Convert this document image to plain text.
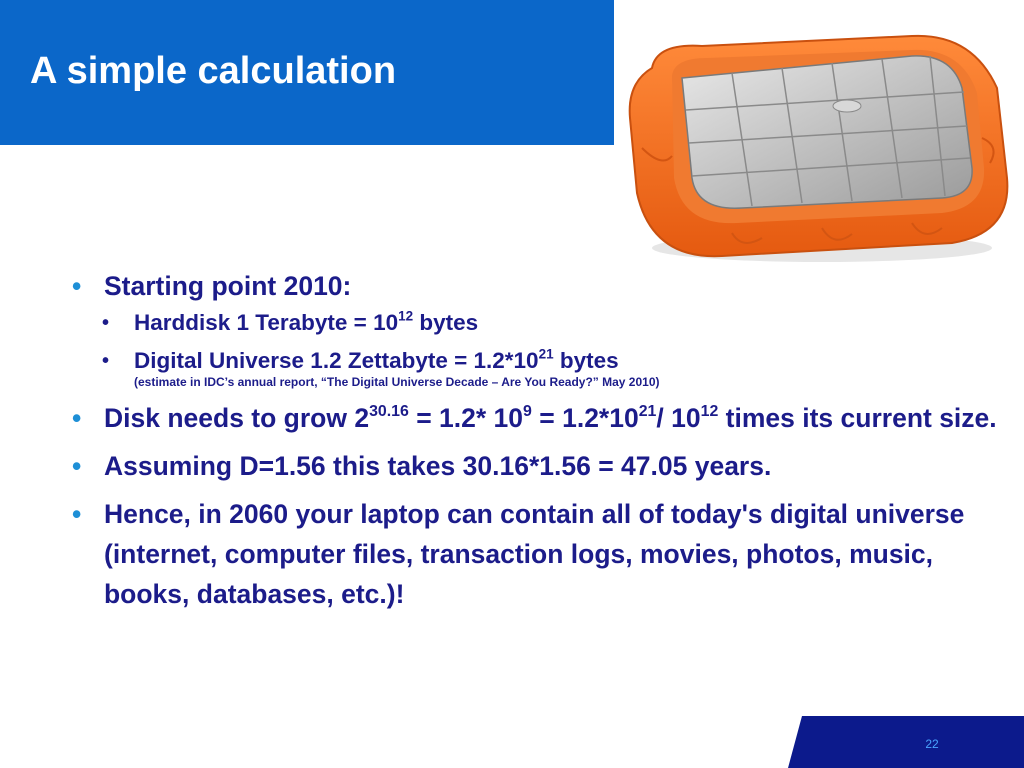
A simple calculation
• Starting point 2010:
• Harddisk 1 Terabyte = $10^{12}$ bytes
• Digital Universe 1.2 Zettabyte = $1.2*10^{21}$ bytes
(estimate in IDC’s annual report, “The Digital Universe Decade – Are You Ready?” May 2010)
• Disk needs to grow $2^{30.16} = 1.2*$ $10^9 = 1.2*10^{21}/$ $10^{12}$ times its current size.
• Assuming D=1.56 this takes 30.16*1.56 = 47.05 years.
• Hence, in 2060 your laptop can contain all of today's digital universe (internet, computer files, transaction logs, movies, photos, music, books, databases, etc.)!
22
